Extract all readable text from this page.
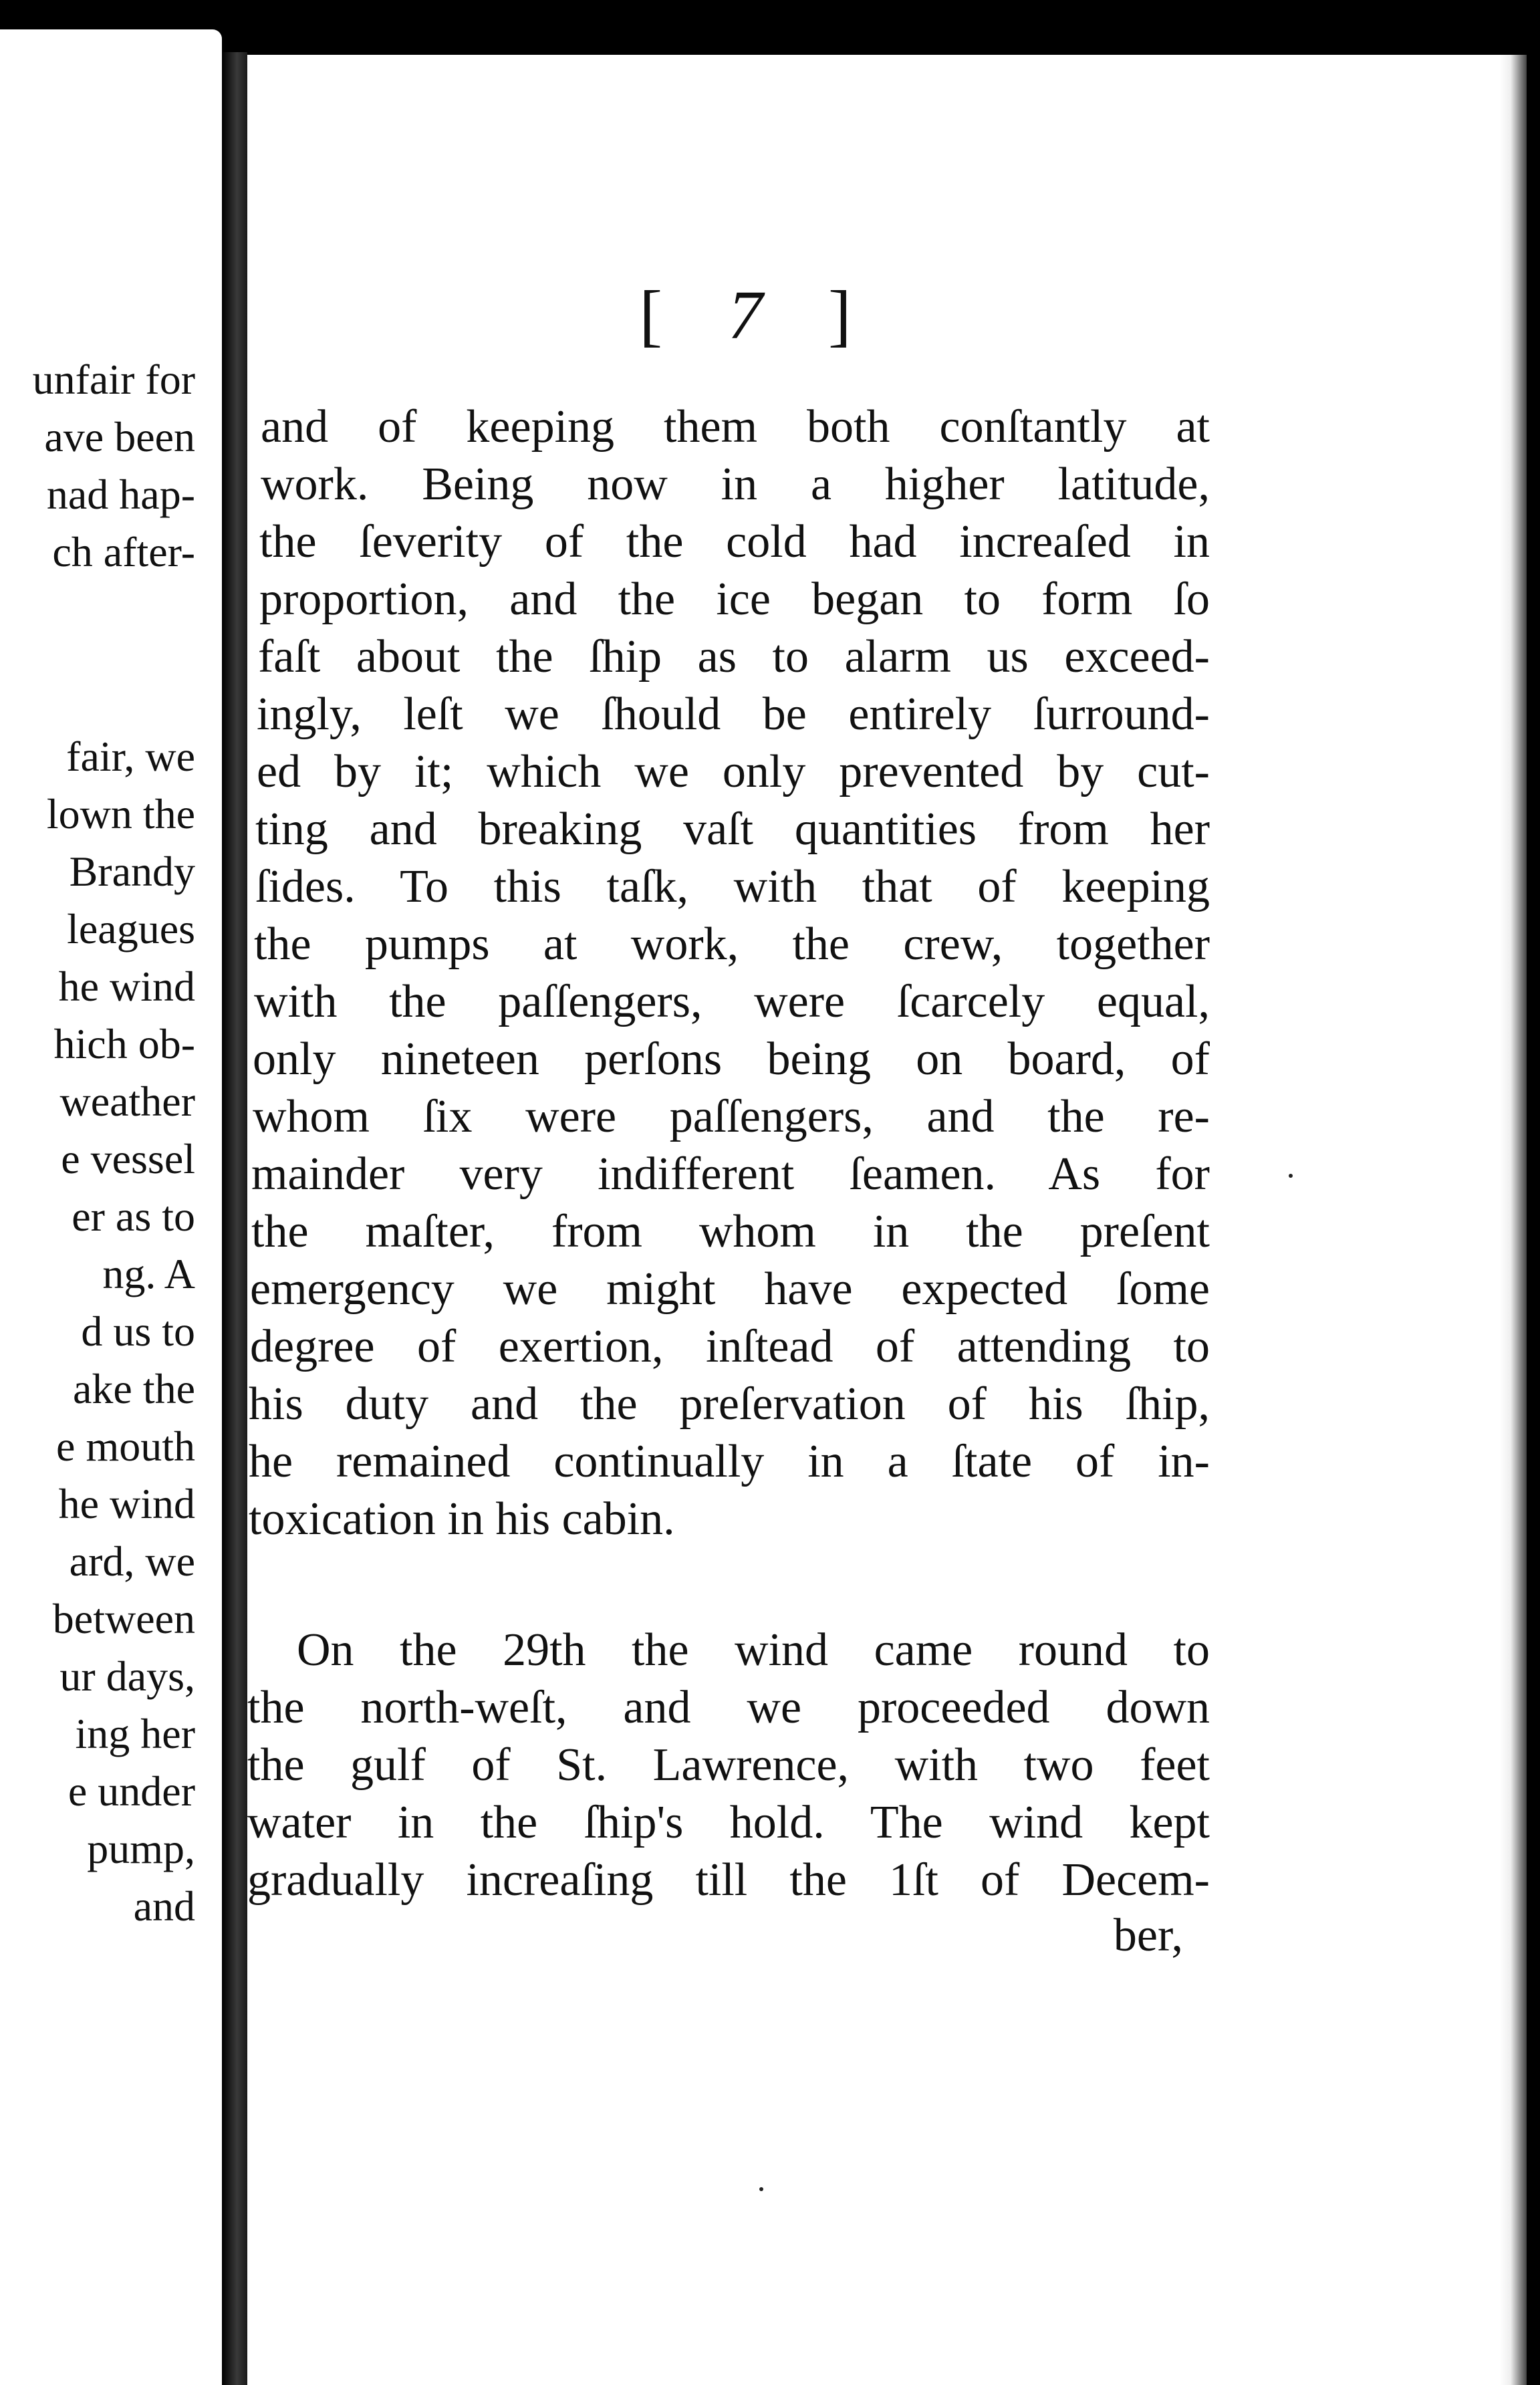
unfair for
ave been
nad hap-
ch after-
fair, we
lown the
Brandy
leagues
he wind
hich ob-
weather
e vessel
er as to
ng. A
d us to
ake the
e mouth
he wind
ard, we
between
ur days,
ing her
e under
pump,
and
[ 7 ]
and of keeping them both conſtantly at
work. Being now in a higher latitude,
the ſeverity of the cold had increaſed in
proportion, and the ice began to form ſo
faſt about the ſhip as to alarm us exceed-
ingly, leſt we ſhould be entirely ſurround-
ed by it; which we only prevented by cut-
ting and breaking vaſt quantities from her
ſides. To this taſk, with that of keeping
the pumps at work, the crew, together
with the paſſengers, were ſcarcely equal,
only nineteen perſons being on board, of
whom ſix were paſſengers, and the re-
mainder very indifferent ſeamen. As for
the maſter, from whom in the preſent
emergency we might have expected ſome
degree of exertion, inſtead of attending to
his duty and the preſervation of his ſhip,
he remained continually in a ſtate of in-
toxication in his cabin.
On the 29th the wind came round to
the north-weſt, and we proceeded down
the gulf of St. Lawrence, with two feet
water in the ſhip's hold. The wind kept
gradually increaſing till the 1ſt of Decem-
ber,
